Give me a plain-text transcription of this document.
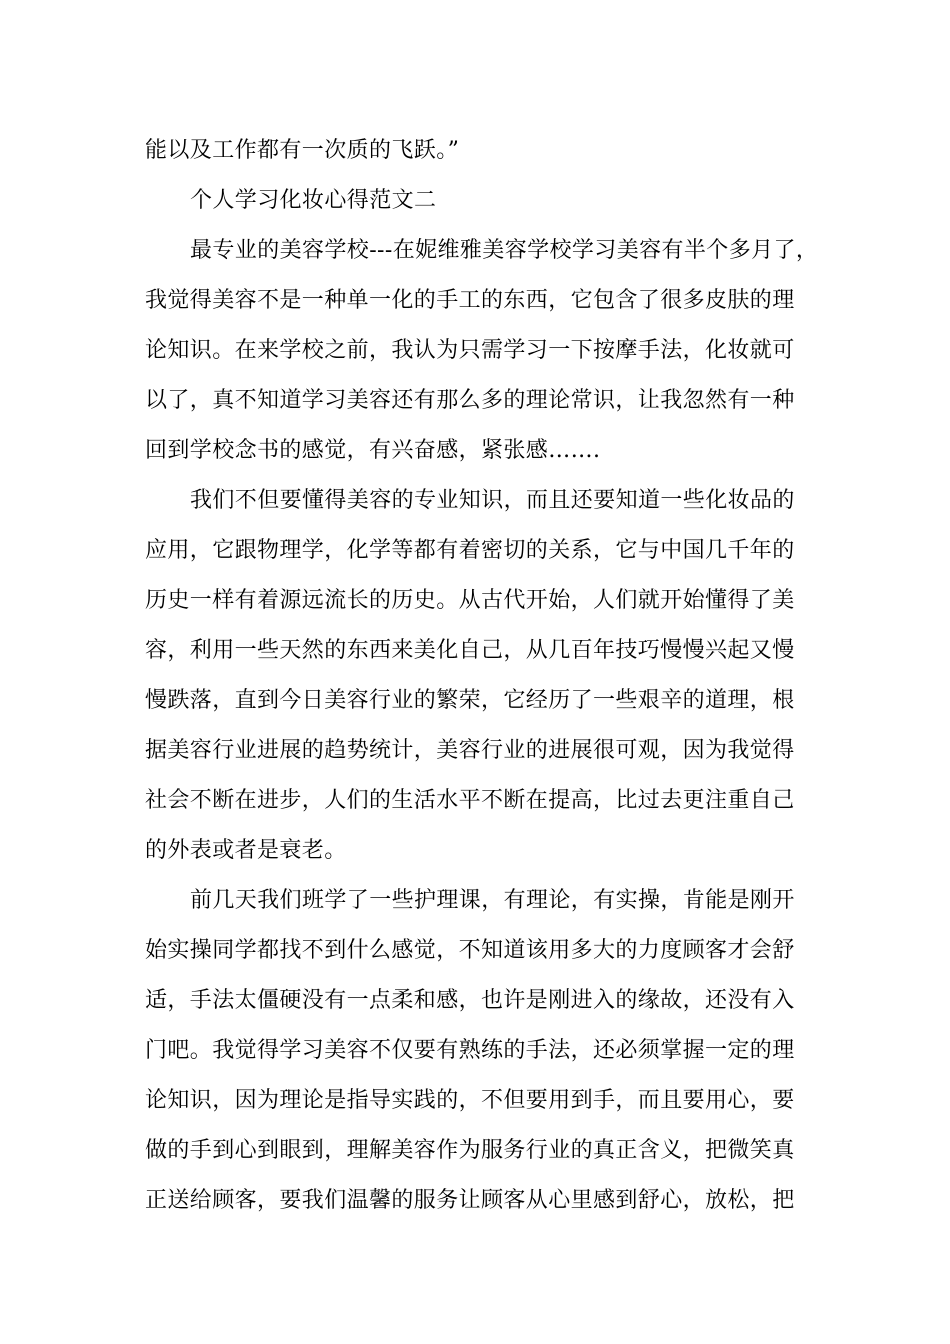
能以及工作都有一次质的飞跃。”
个人学习化妆心得范文二
最专业的美容学校---在妮维雅美容学校学习美容有半个多月了，
我觉得美容不是一种单一化的手工的东西，它包含了很多皮肤的理
论知识。在来学校之前，我认为只需学习一下按摩手法，化妆就可
以了，真不知道学习美容还有那么多的理论常识，让我忽然有一种
回到学校念书的感觉，有兴奋感，紧张感…….
我们不但要懂得美容的专业知识，而且还要知道一些化妆品的
应用，它跟物理学，化学等都有着密切的关系，它与中国几千年的
历史一样有着源远流长的历史。从古代开始，人们就开始懂得了美
容，利用一些天然的东西来美化自己，从几百年技巧慢慢兴起又慢
慢跌落，直到今日美容行业的繁荣，它经历了一些艰辛的道理，根
据美容行业进展的趋势统计，美容行业的进展很可观，因为我觉得
社会不断在进步，人们的生活水平不断在提高，比过去更注重自己
的外表或者是衰老。
前几天我们班学了一些护理课，有理论，有实操，肯能是刚开
始实操同学都找不到什么感觉，不知道该用多大的力度顾客才会舒
适，手法太僵硬没有一点柔和感，也许是刚进入的缘故，还没有入
门吧。我觉得学习美容不仅要有熟练的手法，还必须掌握一定的理
论知识，因为理论是指导实践的，不但要用到手，而且要用心，要
做的手到心到眼到，理解美容作为服务行业的真正含义，把微笑真
正送给顾客，要我们温馨的服务让顾客从心里感到舒心，放松，把
